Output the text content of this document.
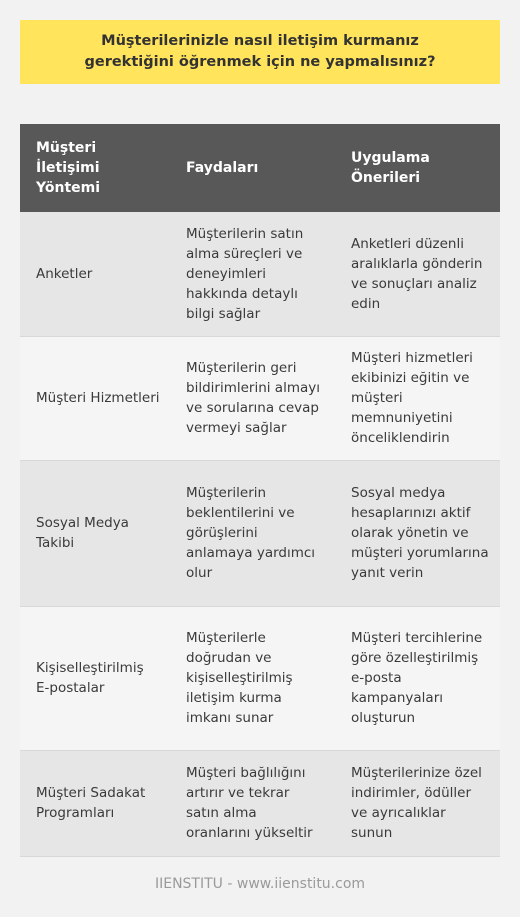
Müşterilerinizle nasıl iletişim kurmanız gerektiğini öğrenmek için ne yapmalısınız?
Müşteri İletişimi Yöntemi	Faydaları	Uygulama Önerileri
Anketler	Müşterilerin satın alma süreçleri ve deneyimleri hakkında detaylı bilgi sağlar	Anketleri düzenli aralıklarla gönderin ve sonuçları analiz edin
Müşteri Hizmetleri	Müşterilerin geri bildirimlerini almayı ve sorularına cevap vermeyi sağlar	Müşteri hizmetleri ekibinizi eğitin ve müşteri memnuniyetini önceliklendirin
Sosyal Medya Takibi	Müşterilerin beklentilerini ve görüşlerini anlamaya yardımcı olur	Sosyal medya hesaplarınızı aktif olarak yönetin ve müşteri yorumlarına yanıt verin
Kişiselleştirilmiş E-postalar	Müşterilerle doğrudan ve kişiselleştirilmiş iletişim kurma imkanı sunar	Müşteri tercihlerine göre özelleştirilmiş e-posta kampanyaları oluşturun
Müşteri Sadakat Programları	Müşteri bağlılığını artırır ve tekrar satın alma oranlarını yükseltir	Müşterilerinize özel indirimler, ödüller ve ayrıcalıklar sunun
IIENSTITU - www.iienstitu.com
